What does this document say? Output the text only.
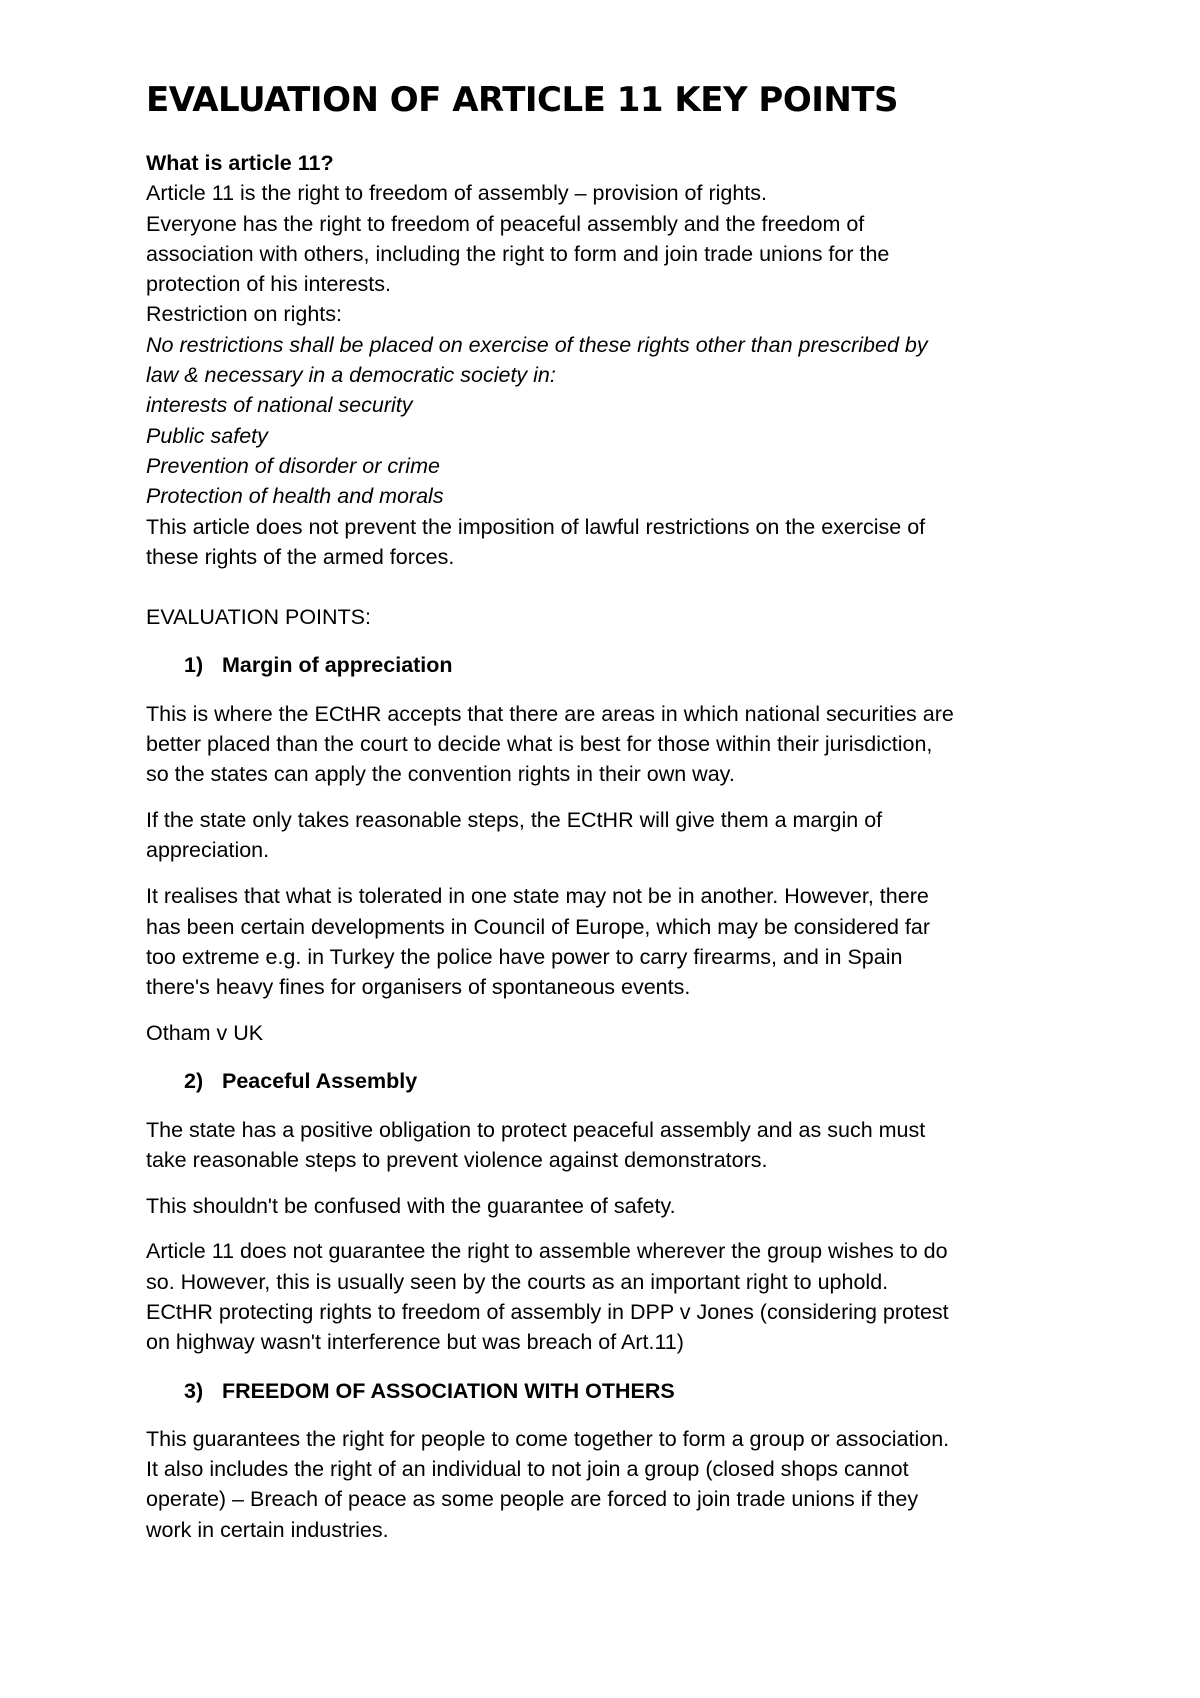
EVALUATION OF ARTICLE 11 KEY POINTS

What is article 11?

Article 11 is the right to freedom of assembly – provision of rights.

Everyone has the right to freedom of peaceful assembly and the freedom of

association with others, including the right to form and join trade unions for the

protection of his interests.

Restriction on rights:

No restrictions shall be placed on exercise of these rights other than prescribed by

law & necessary in a democratic society in:

interests of national security

Public safety

Prevention of disorder or crime

Protection of health and morals

This article does not prevent the imposition of lawful restrictions on the exercise of

these rights of the armed forces.

EVALUATION POINTS:

1) Margin of appreciation

This is where the ECtHR accepts that there are areas in which national securities are

better placed than the court to decide what is best for those within their jurisdiction,

so the states can apply the convention rights in their own way.

If the state only takes reasonable steps, the ECtHR will give them a margin of

appreciation.

It realises that what is tolerated in one state may not be in another. However, there

has been certain developments in Council of Europe, which may be considered far

too extreme e.g. in Turkey the police have power to carry firearms, and in Spain

there's heavy fines for organisers of spontaneous events.

Otham v UK

2) Peaceful Assembly

The state has a positive obligation to protect peaceful assembly and as such must

take reasonable steps to prevent violence against demonstrators.

This shouldn't be confused with the guarantee of safety.

Article 11 does not guarantee the right to assemble wherever the group wishes to do

so. However, this is usually seen by the courts as an important right to uphold.

ECtHR protecting rights to freedom of assembly in DPP v Jones (considering protest

on highway wasn't interference but was breach of Art.11)

3) FREEDOM OF ASSOCIATION WITH OTHERS

This guarantees the right for people to come together to form a group or association.

It also includes the right of an individual to not join a group (closed shops cannot

operate) – Breach of peace as some people are forced to join trade unions if they

work in certain industries.
